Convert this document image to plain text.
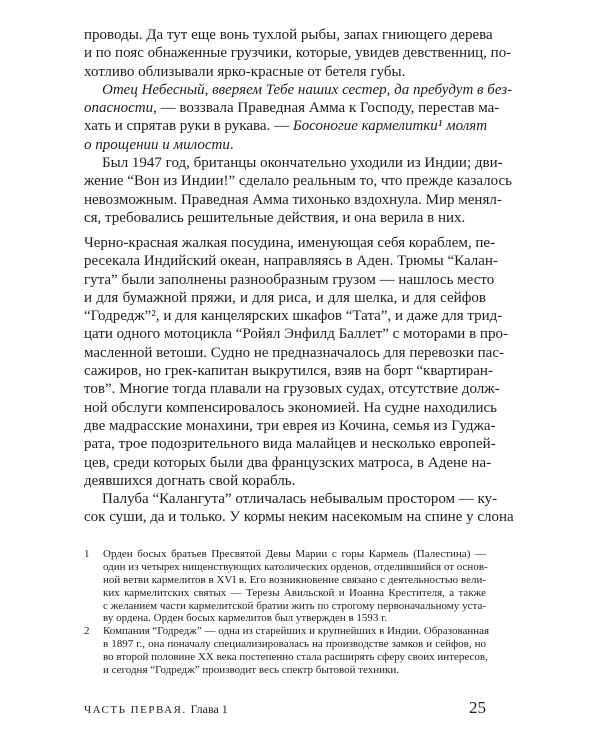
проводы. Да тут еще вонь тухлой рыбы, запах гниющего дерева
и по пояс обнаженные грузчики, которые, увидев девственниц, по-
хотливо облизывали ярко-красные от бетеля губы.
Отец Небесный, вверяем Тебе наших сестер, да пребудут в без-
опасности, — воззвала Праведная Амма к Господу, перестав ма-
хать и спрятав руки в рукава. — Босоногие кармелитки¹ молят
о прощении и милости.
Был 1947 год, британцы окончательно уходили из Индии; дви-
жение “Вон из Индии!” сделало реальным то, что прежде казалось
невозможным. Праведная Амма тихонько вздохнула. Мир менял-
ся, требовались решительные действия, и она верила в них.
Черно-красная жалкая посудина, именующая себя кораблем, пе-
ресекала Индийский океан, направляясь в Аден. Трюмы “Калан-
гута” были заполнены разнообразным грузом — нашлось место
и для бумажной пряжи, и для риса, и для шелка, и для сейфов
“Годредж”², и для канцелярских шкафов “Тата”, и даже для трид-
цати одного мотоцикла “Ройял Энфилд Баллет” с моторами в про-
масленной ветоши. Судно не предназначалось для перевозки пас-
сажиров, но грек-капитан выкрутился, взяв на борт “квартиран-
тов”. Многие тогда плавали на грузовых судах, отсутствие долж-
ной обслуги компенсировалось экономией. На судне находились
две мадрасские монахини, три еврея из Кочина, семья из Гуджа-
рата, трое подозрительного вида малайцев и несколько европей-
цев, среди которых были два французских матроса, в Адене на-
деявшихся догнать свой корабль.
Палуба “Калангута” отличалась небывалым простором — ку-
сок суши, да и только. У кормы неким насекомым на спине у слона
1 Орден босых братьев Пресвятой Девы Марии с горы Кармель (Палестина) —
один из четырех нищенствующих католических орденов, отделившийся от основ-
ной ветви кармелитов в XVI в. Его возникновение связано с деятельностью вели-
ких кармелитских святых — Терезы Авильской и Иоанна Крестителя, а также
с желанием части кармелитской братии жить по строгому первоначальному уста-
ву ордена. Орден босых кармелитов был утвержден в 1593 г.
2 Компания “Годредж” — одна из старейших и крупнейших в Индии. Образованная
в 1897 г., она поначалу специализировалась на производстве замков и сейфов, но
во второй половине XX века постепенно стала расширять сферу своих интересов,
и сегодня “Годредж” производит весь спектр бытовой техники.
ЧАСТЬ ПЕРВАЯ. Глава 1	25
